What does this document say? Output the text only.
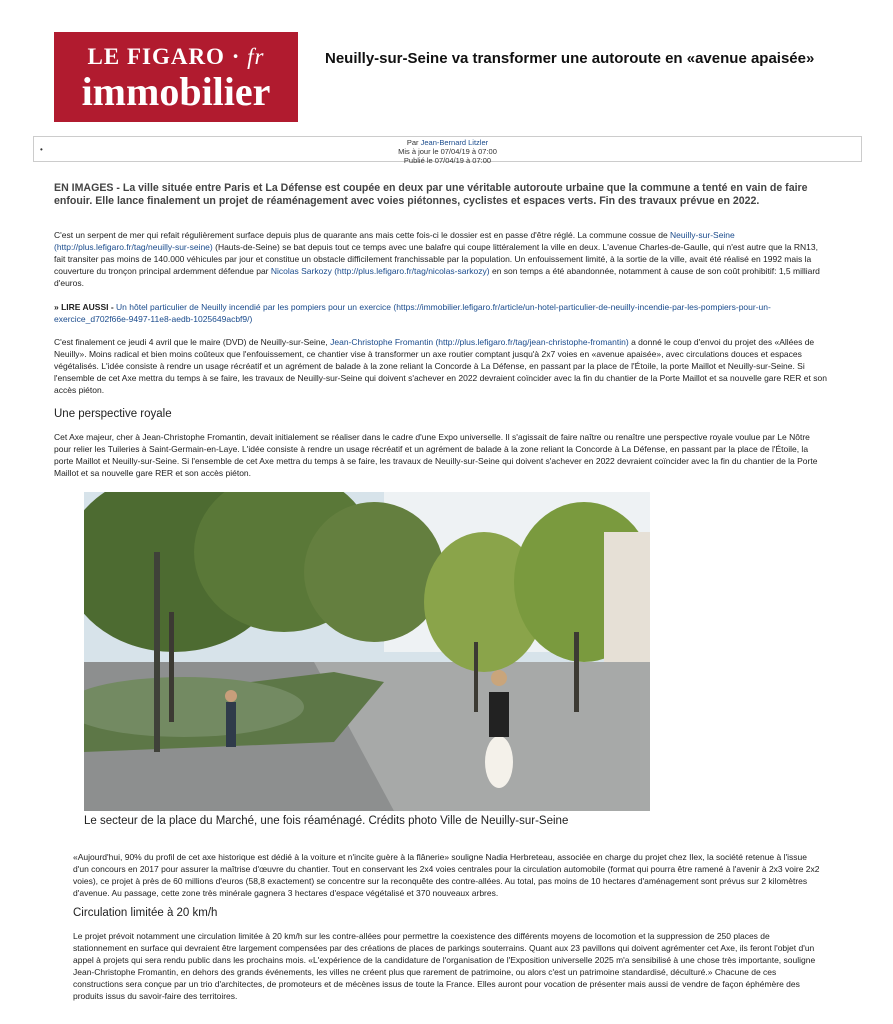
LE FIGARO · fr
immobilier
Neuilly-sur-Seine va transformer une autoroute en «avenue apaisée»
•
Par Jean-Bernard Litzler
Mis à jour le 07/04/19 à 07:00
Publié le 07/04/19 à 07:00
EN IMAGES - La ville située entre Paris et La Défense est coupée en deux par une véritable autoroute urbaine que la commune a tenté en vain de faire enfouir. Elle lance finalement un projet de réaménagement avec voies piétonnes, cyclistes et espaces verts. Fin des travaux prévue en 2022.
C'est un serpent de mer qui refait régulièrement surface depuis plus de quarante ans mais cette fois-ci le dossier est en passe d'être réglé. La commune cossue de Neuilly-sur-Seine (http://plus.lefigaro.fr/tag/neuilly-sur-seine) (Hauts-de-Seine) se bat depuis tout ce temps avec une balafre qui coupe littéralement la ville en deux. L'avenue Charles-de-Gaulle, qui n'est autre que la RN13, fait transiter pas moins de 140.000 véhicules par jour et constitue un obstacle difficilement franchissable par la population. Un enfouissement limité, à la sortie de la ville, avait été réalisé en 1992 mais la couverture du tronçon principal ardemment défendue par Nicolas Sarkozy (http://plus.lefigaro.fr/tag/nicolas-sarkozy) en son temps a été abandonnée, notamment à cause de son coût prohibitif: 1,5 milliard d'euros.
» LIRE AUSSI - Un hôtel particulier de Neuilly incendié par les pompiers pour un exercice (https://immobilier.lefigaro.fr/article/un-hotel-particulier-de-neuilly-incendie-par-les-pompiers-pour-un-exercice_d702f66e-9497-11e8-aedb-1025649acbf9/)
C'est finalement ce jeudi 4 avril que le maire (DVD) de Neuilly-sur-Seine, Jean-Christophe Fromantin (http://plus.lefigaro.fr/tag/jean-christophe-fromantin) a donné le coup d'envoi du projet des «Allées de Neuilly». Moins radical et bien moins coûteux que l'enfouissement, ce chantier vise à transformer un axe routier comptant jusqu'à 2x7 voies en «avenue apaisée», avec circulations douces et espaces végétalisés. L'idée consiste à rendre un usage récréatif et un agrément de balade à la zone reliant la Concorde à La Défense, en passant par la place de l'Étoile, la porte Maillot et Neuilly-sur-Seine. Si l'ensemble de cet Axe mettra du temps à se faire, les travaux de Neuilly-sur-Seine qui doivent s'achever en 2022 devraient coïncider avec la fin du chantier de la Porte Maillot et sa nouvelle gare RER et son accès piéton.
Une perspective royale
Cet Axe majeur, cher à Jean-Christophe Fromantin, devait initialement se réaliser dans le cadre d'une Expo universelle. Il s'agissait de faire naître ou renaître une perspective royale voulue par Le Nôtre pour relier les Tuileries à Saint-Germain-en-Laye. L'idée consiste à rendre un usage récréatif et un agrément de balade à la zone reliant la Concorde à La Défense, en passant par la place de l'Étoile, la porte Maillot et Neuilly-sur-Seine. Si l'ensemble de cet Axe mettra du temps à se faire, les travaux de Neuilly-sur-Seine qui doivent s'achever en 2022 devraient coïncider avec la fin du chantier de la Porte Maillot et sa nouvelle gare RER et son accès piéton.
Le secteur de la place du Marché, une fois réaménagé. Crédits photo Ville de Neuilly-sur-Seine
«Aujourd'hui, 90% du profil de cet axe historique est dédié à la voiture et n'incite guère à la flânerie» souligne Nadia Herbreteau, associée en charge du projet chez Ilex, la société retenue à l'issue d'un concours en 2017 pour assurer la maîtrise d'œuvre du chantier. Tout en conservant les 2x4 voies centrales pour la circulation automobile (format qui pourra être ramené à l'avenir à 2x3 voire 2x2 voies), ce projet à près de 60 millions d'euros (58,8 exactement) se concentre sur la reconquête des contre-allées. Au total, pas moins de 10 hectares d'aménagement sont prévus sur 2 kilomètres d'avenue. Au passage, cette zone très minérale gagnera 3 hectares d'espace végétalisé et 370 nouveaux arbres.
Circulation limitée à 20 km/h
Le projet prévoit notamment une circulation limitée à 20 km/h sur les contre-allées pour permettre la coexistence des différents moyens de locomotion et la suppression de 250 places de stationnement en surface qui devraient être largement compensées par des créations de places de parkings souterrains. Quant aux 23 pavillons qui doivent agrémenter cet Axe, ils feront l'objet d'un appel à projets qui sera rendu public dans les prochains mois. «L'expérience de la candidature de l'organisation de l'Exposition universelle 2025 m'a sensibilisé à une chose très importante, souligne Jean-Christophe Fromantin, en dehors des grands événements, les villes ne créent plus que rarement de patrimoine, ou alors c'est un patrimoine standardisé, déculturé.» Chacune de ces constructions sera conçue par un trio d'architectes, de promoteurs et de mécènes issus de toute la France. Elles auront pour vocation de présenter mais aussi de vendre de façon éphémère des produits issus du savoir-faire des territoires.
